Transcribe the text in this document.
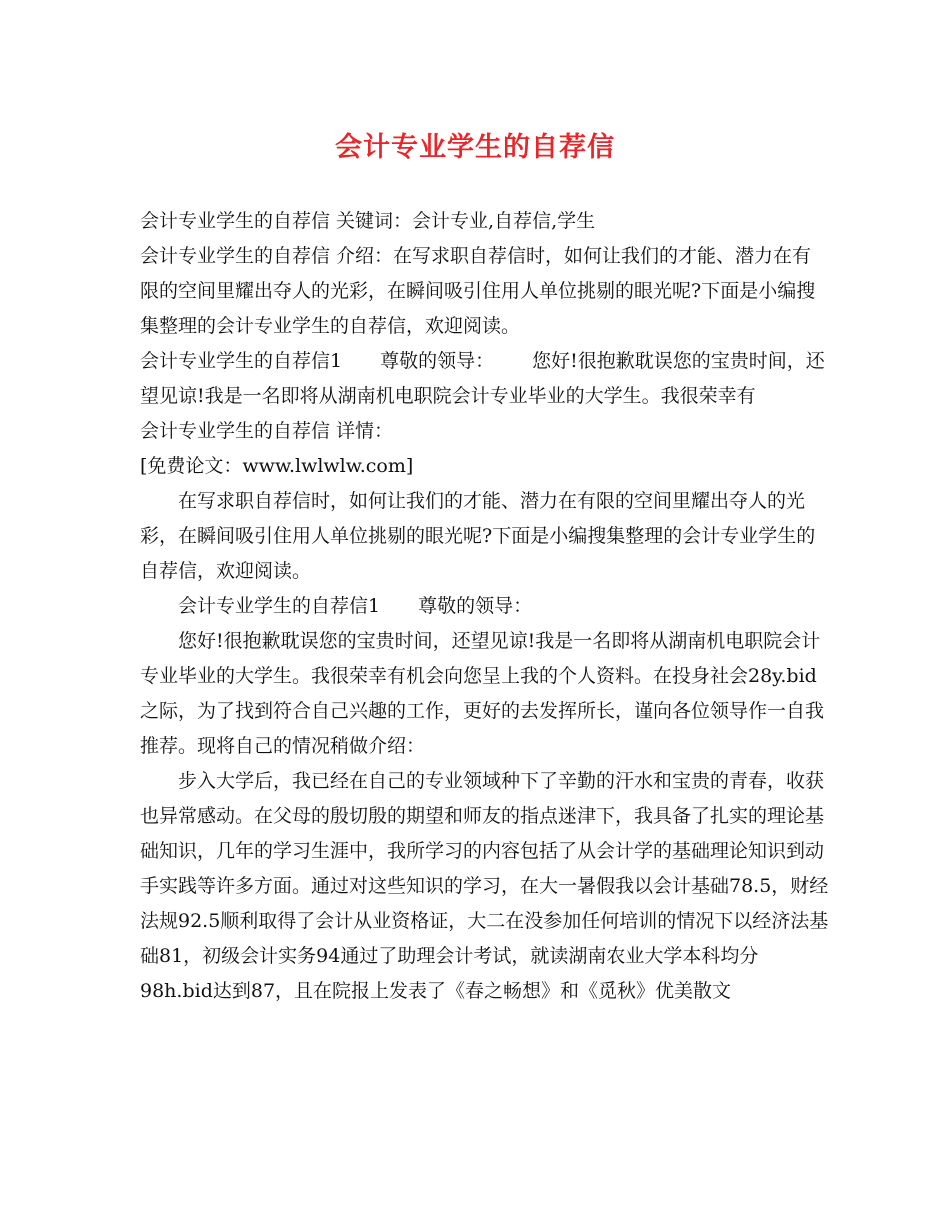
会计专业学生的自荐信

会计专业学生的自荐信 关键词：会计专业,自荐信,学生

会计专业学生的自荐信 介绍：在写求职自荐信时，如何让我们的才能、潜力在有限的空间里耀出夺人的光彩，在瞬间吸引住用人单位挑剔的眼光呢?下面是小编搜集整理的会计专业学生的自荐信，欢迎阅读。

会计专业学生的自荐信1 尊敬的领导： 您好!很抱歉耽误您的宝贵时间，还望见谅!我是一名即将从湖南机电职院会计专业毕业的大学生。我很荣幸有

会计专业学生的自荐信 详情：

[免费论文：www.lwlwlw.com]

在写求职自荐信时，如何让我们的才能、潜力在有限的空间里耀出夺人的光彩，在瞬间吸引住用人单位挑剔的眼光呢?下面是小编搜集整理的会计专业学生的自荐信，欢迎阅读。

会计专业学生的自荐信1 尊敬的领导：

您好!很抱歉耽误您的宝贵时间，还望见谅!我是一名即将从湖南机电职院会计专业毕业的大学生。我很荣幸有机会向您呈上我的个人资料。在投身社会28y.bid之际，为了找到符合自己兴趣的工作，更好的去发挥所长，谨向各位领导作一自我推荐。现将自己的情况稍做介绍：

步入大学后，我已经在自己的专业领域种下了辛勤的汗水和宝贵的青春，收获也异常感动。在父母的殷切殷的期望和师友的指点迷津下，我具备了扎实的理论基础知识，几年的学习生涯中，我所学习的内容包括了从会计学的基础理论知识到动手实践等许多方面。通过对这些知识的学习，在大一暑假我以会计基础78.5，财经法规92.5顺利取得了会计从业资格证，大二在没参加任何培训的情况下以经济法基础81，初级会计实务94通过了助理会计考试，就读湖南农业大学本科均分98h.bid达到87，且在院报上发表了《春之畅想》和《觅秋》优美散文
